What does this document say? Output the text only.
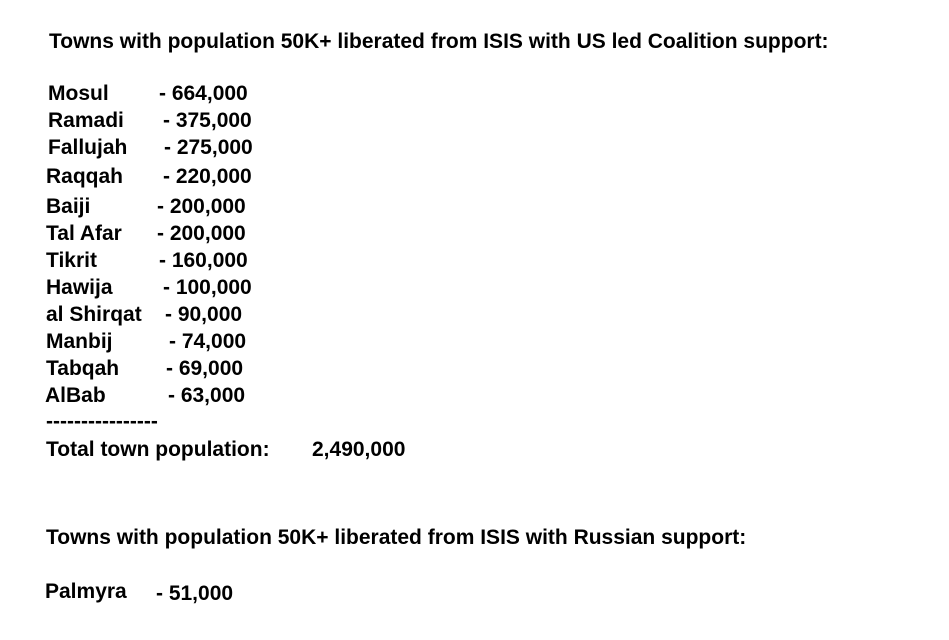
Towns with population 50K+ liberated from ISIS with US led Coalition support:
Mosul - 664,000
Ramadi - 375,000
Fallujah - 275,000
Raqqah - 220,000
Baiji	- 200,000
Tal Afar - 200,000
Tikrit	- 160,000
Hawija - 100,000
al Shirqat - 90,000
Manbij	- 74,000
Tabqah - 69,000
AlBab	- 63,000
----------------
Total town population: 2,490,000
Towns with population 50K+ liberated from ISIS with Russian support:
Palmyra - 51,000
